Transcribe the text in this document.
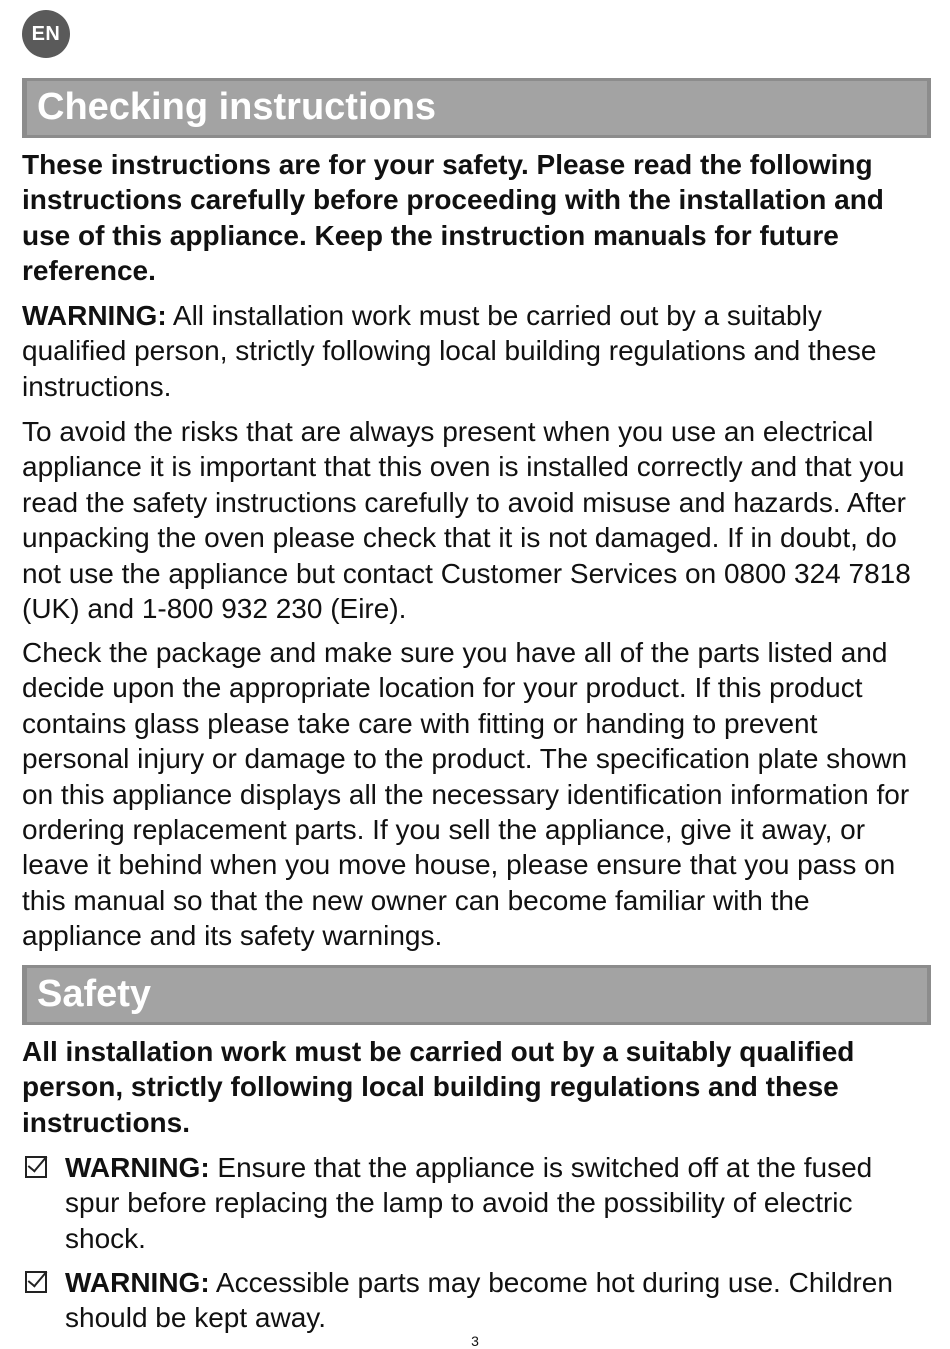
EN
Checking instructions

These instructions are for your safety. Please read the following instructions carefully before proceeding with the installation and use of this appliance. Keep the instruction manuals for future reference.

WARNING: All installation work must be carried out by a suitably qualified person, strictly following local building regulations and these instructions.

To avoid the risks that are always present when you use an electrical appliance it is important that this oven is installed correctly and that you read the safety instructions carefully to avoid misuse and hazards. After unpacking the oven please check that it is not damaged. If in doubt, do not use the appliance but contact Customer Services on 0800 324 7818 (UK) and 1-800 932 230 (Eire).

Check the package and make sure you have all of the parts listed and decide upon the appropriate location for your product. If this product contains glass please take care with fitting or handing to prevent personal injury or damage to the product. The specification plate shown on this appliance displays all the necessary identification information for ordering replacement parts. If you sell the appliance, give it away, or leave it behind when you move house, please ensure that you pass on this manual so that the new owner can become familiar with the appliance and its safety warnings.

Safety

All installation work must be carried out by a suitably qualified person, strictly following local building regulations and these instructions.

WARNING: Ensure that the appliance is switched off at the fused spur before replacing the lamp to avoid the possibility of electric shock.
WARNING: Accessible parts may become hot during use. Children should be kept away.
3
